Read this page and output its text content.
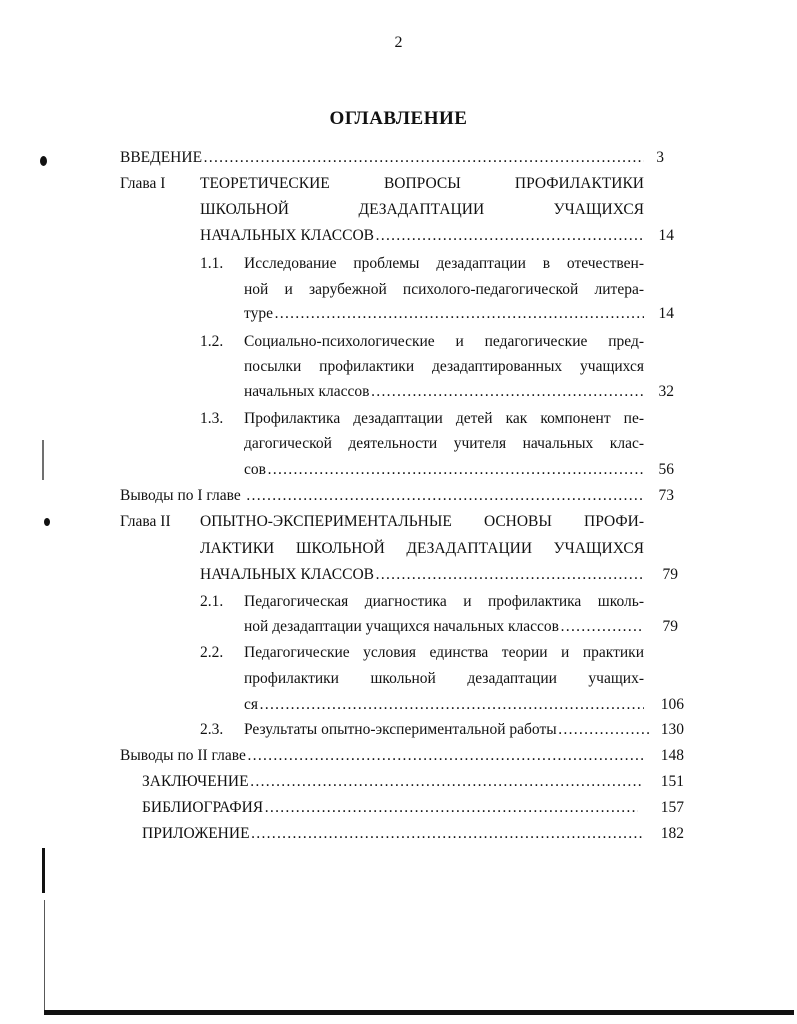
2
ОГЛАВЛЕНИЕ
ВВЕДЕНИЕ ……………………………………………………………………………………………………………………	3
Глава I ТЕОРЕТИЧЕСКИЕ ВОПРОСЫ ПРОФИЛАКТИКИ
ШКОЛЬНОЙ ДЕЗАДАПТАЦИИ УЧАЩИХСЯ
НАЧАЛЬНЫХ КЛАССОВ ……………………………………………………………………………………………………………………	14
1.1. Исследование проблемы дезадаптации в отечествен-
ной и зарубежной психолого-педагогической литера-
туре ……………………………………………………………………………………………………………………	14
1.2. Социально-психологические и педагогические пред-
посылки профилактики дезадаптированных учащихся
начальных классов ……………………………………………………………………………………………………………………	32
1.3. Профилактика дезадаптации детей как компонент пе-
дагогической деятельности учителя начальных клас-
сов ……………………………………………………………………………………………………………………	56
Выводы по I главе ……………………………………………………………………………………………………………………	73
Глава II ОПЫТНО-ЭКСПЕРИМЕНТАЛЬНЫЕ ОСНОВЫ ПРОФИ-
ЛАКТИКИ ШКОЛЬНОЙ ДЕЗАДАПТАЦИИ УЧАЩИХСЯ
НАЧАЛЬНЫХ КЛАССОВ ……………………………………………………………………………………………………………………	79
2.1. Педагогическая диагностика и профилактика школь-
ной дезадаптации учащихся начальных классов ……………………………………………………………………………………………………………………	79
2.2. Педагогические условия единства теории и практики
профилактики школьной дезадаптации учащих-
ся ……………………………………………………………………………………………………………………	106
2.3. Результаты опытно-экспериментальной работы ……………………………………………………………………………………………………………………	130
Выводы по II главе ……………………………………………………………………………………………………………………	148
ЗАКЛЮЧЕНИЕ ……………………………………………………………………………………………………………………	151
БИБЛИОГРАФИЯ ……………………………………………………………………………………………………………………	157
ПРИЛОЖЕНИЕ ……………………………………………………………………………………………………………………	182
